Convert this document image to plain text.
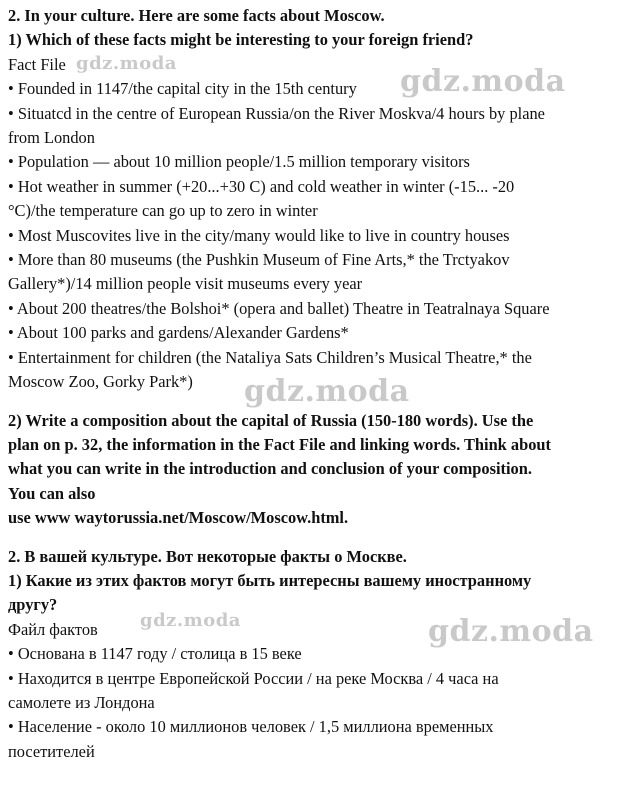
2. In your culture. Here are some facts about Moscow.
1) Which of these facts might be interesting to your foreign friend?
Fact File
• Founded in 1147/the capital city in the 15th century
• Situatcd in the centre of European Russia/on the River Moskva/4 hours by plane
from London
• Population — about 10 million people/1.5 million temporary visitors
• Hot weather in summer (+20...+30 C) and cold weather in winter (-15... -20
°C)/the temperature can go up to zero in winter
• Most Muscovites live in the city/many would like to live in country houses
• More than 80 museums (the Pushkin Museum of Fine Arts,* the Trctyakov
Gallery*)/14 million people visit museums every year
• About 200 theatres/the Bolshoi* (opera and ballet) Theatre in Teatralnaya Square
• About 100 parks and gardens/Alexander Gardens*
• Entertainment for children (the Nataliya Sats Children’s Musical Theatre,* the
Moscow Zoo, Gorky Park*)
2) Write a composition about the capital of Russia (150-180 words). Use the
plan on p. 32, the information in the Fact File and linking words. Think about
what you can write in the introduction and conclusion of your composition.
You can also
use www waytorussia.net/Moscow/Moscow.html.
2. В вашей культуре. Вот некоторые факты о Москве.
1) Какие из этих фактов могут быть интересны вашему иностранному
другу?
Файл фактов
• Основана в 1147 году / столица в 15 веке
• Находится в центре Европейской России / на реке Москва / 4 часа на
самолете из Лондона
• Население - около 10 миллионов человек / 1,5 миллиона временных
посетителей
gdz.moda
gdz.moda
gdz.moda
gdz.moda	gdz.moda
